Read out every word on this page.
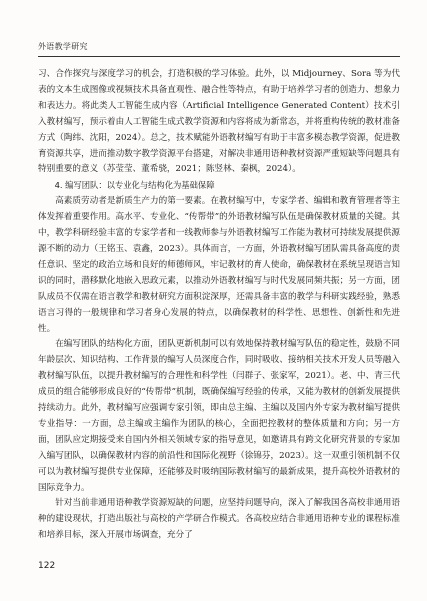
外语教学研究

习、合作探究与深度学习的机会，打造积极的学习体验。此外，以 Midjourney、Sora 等为代表的文本生成图像或视频技术具备直观性、融合性等特点，有助于培养学习者的创造力、想象力和表达力。将此类人工智能生成内容（Artificial Intelligence Generated Content）技术引入教材编写，预示着由人工智能生成式教学资源和内容将成为新常态，并将重构传统的教材准备方式（陶纬、沈阳，2024）。总之，技术赋能外语教材编写有助于丰富多模态教学资源，促进教育资源共享，进而推动数字教学资源平台搭建，对解决非通用语种教材资源严重短缺等问题具有特别重要的意义（苏莹莹、董希骁，2021；陈竖林、秦枫，2024）。

4. 编写团队：以专业化与结构化为基础保障

高素质劳动者是新质生产力的第一要素。在教材编写中，专家学者、编辑和教育管理者等主体发挥着重要作用。高水平、专业化、“传帮带”的外语教材编写队伍是确保教材质量的关键。其中，教学科研经验丰富的专家学者和一线教师参与外语教材编写工作能为教材可持续发展提供源源不断的动力（王铭玉、袁鑫，2023）。具体而言，一方面，外语教材编写团队需具备高度的责任意识、坚定的政治立场和良好的师德师风，牢记教材的育人使命，确保教材在系统呈现语言知识的同时，潜移默化地嵌入思政元素，以推动外语教材编写与时代发展同频共振；另一方面，团队成员不仅需在语言教学和教材研究方面积淀深厚，还需具备丰富的教学与科研实践经验，熟悉语言习得的一般规律和学习者身心发展的特点，以确保教材的科学性、思想性、创新性和先进性。

在编写团队的结构化方面，团队更新机制可以有效地保持教材编写队伍的稳定性，鼓励不同年龄层次、知识结构、工作背景的编写人员深度合作，同时吸收、接纳相关技术开发人员等融入教材编写队伍，以提升教材编写的合理性和科学性（闫群子、张家军，2021）。老、中、青三代成员的组合能够形成良好的“传帮带”机制，既确保编写经验的传承，又能为教材的创新发展提供持续动力。此外，教材编写应强调专家引领，即由总主编、主编以及国内外专家为教材编写提供专业指导：一方面，总主编或主编作为团队的核心，全面把控教材的整体质量和方向；另一方面，团队应定期接受来自国内外相关领域专家的指导意见，如邀请具有跨文化研究背景的专家加入编写团队，以确保教材内容的前沿性和国际化视野（徐锦芬，2023）。这一双重引领机制不仅可以为教材编写提供专业保障，还能够及时吸纳国际教材编写的最新成果，提升高校外语教材的国际竞争力。

针对当前非通用语种教学资源短缺的问题，应坚持问题导向，深入了解我国各高校非通用语种的建设现状，打造出版社与高校的产学研合作模式。各高校应结合非通用语种专业的课程标准和培养目标，深入开展市场调查，充分了

122
